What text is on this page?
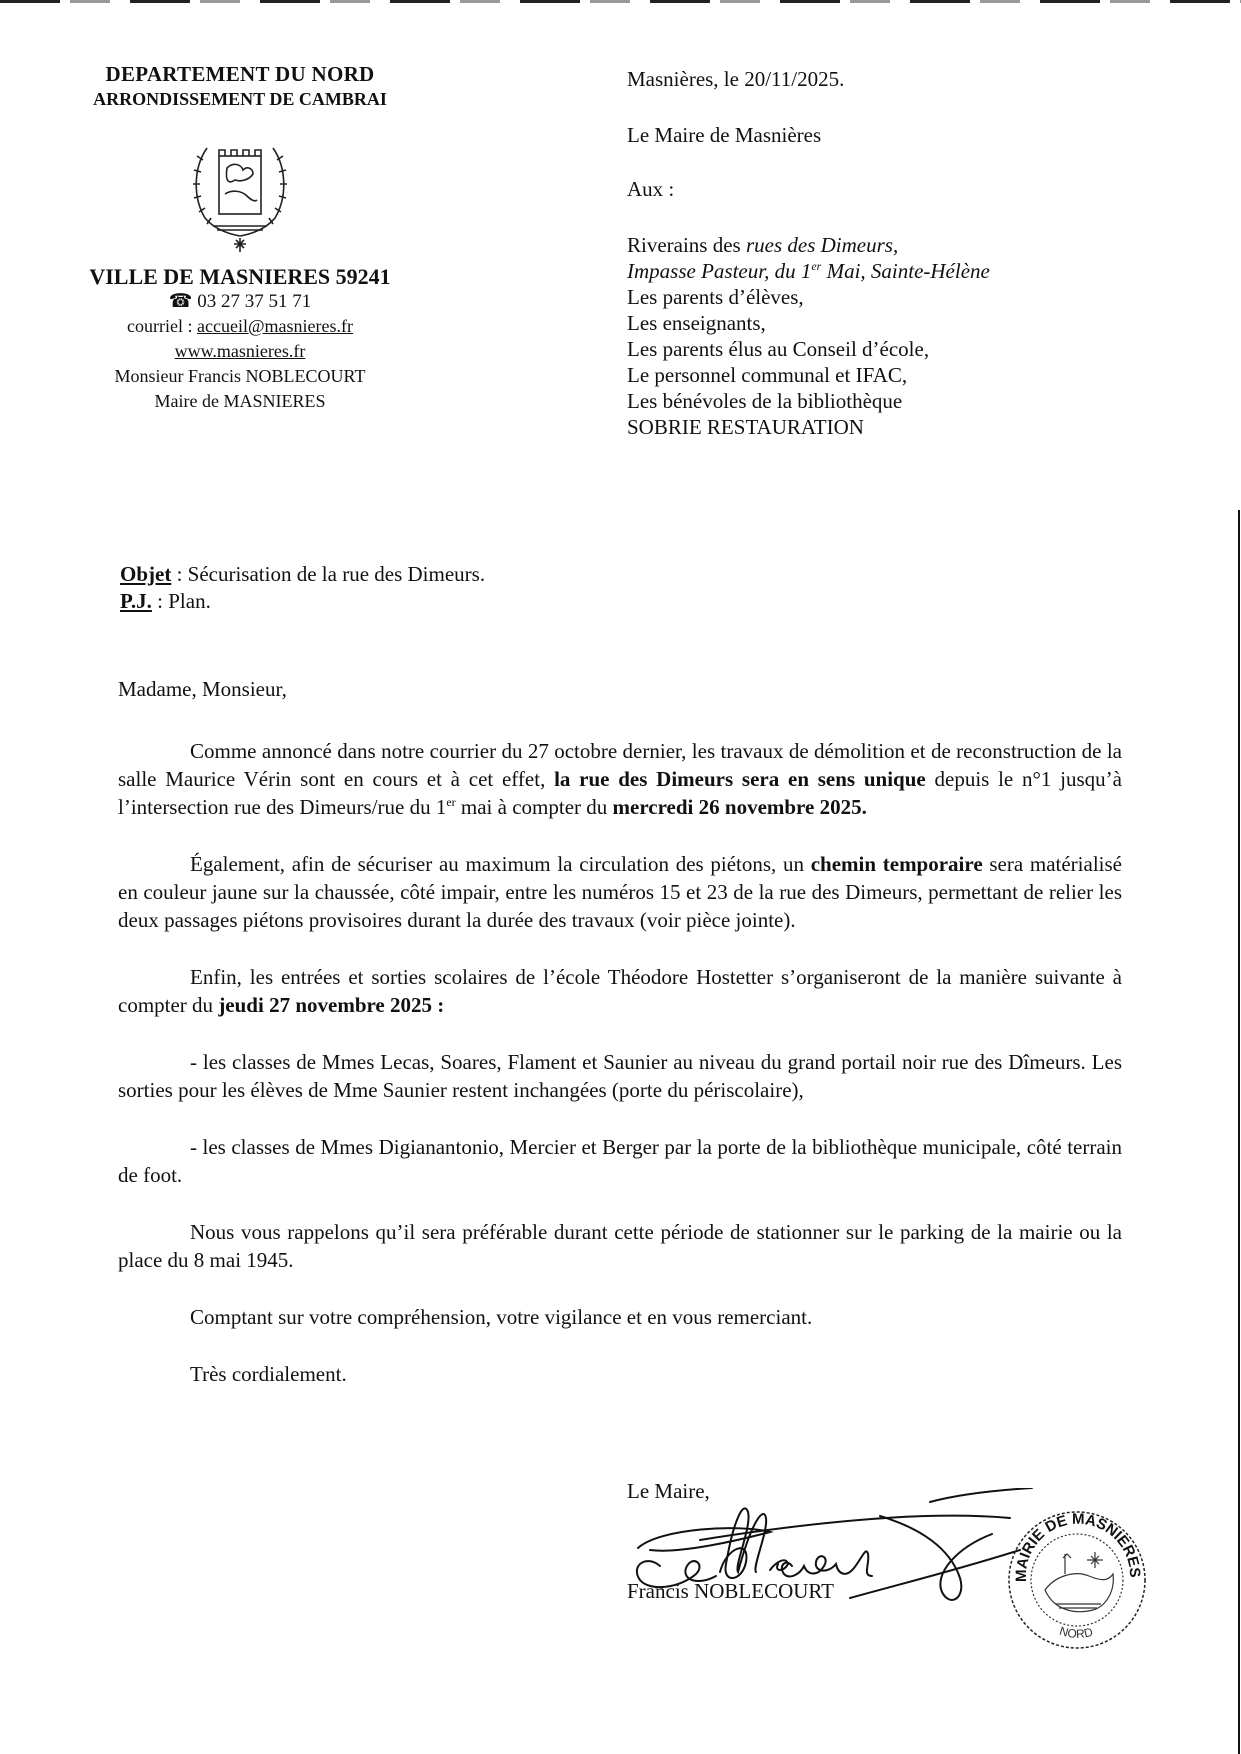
DEPARTEMENT DU NORD
ARRONDISSEMENT DE CAMBRAI
VILLE DE MASNIERES 59241
☎ 03 27 37 51 71
courriel : accueil@masnieres.fr
www.masnieres.fr
Monsieur Francis NOBLECOURT
Maire de MASNIERES
Masnières, le 20/11/2025.
Le Maire de Masnières
Aux :
Riverains des rues des Dimeurs,
Impasse Pasteur, du 1er Mai, Sainte-Hélène
Les parents d’élèves,
Les enseignants,
Les parents élus au Conseil d’école,
Le personnel communal et IFAC,
Les bénévoles de la bibliothèque
SOBRIE RESTAURATION
Objet : Sécurisation de la rue des Dimeurs.
P.J. : Plan.

Madame, Monsieur,

Comme annoncé dans notre courrier du 27 octobre dernier, les travaux de démolition et de reconstruction de la salle Maurice Vérin sont en cours et à cet effet, la rue des Dimeurs sera en sens unique depuis le n°1 jusqu’à l’intersection rue des Dimeurs/rue du 1er mai à compter du mercredi 26 novembre 2025.

Également, afin de sécuriser au maximum la circulation des piétons, un chemin temporaire sera matérialisé en couleur jaune sur la chaussée, côté impair, entre les numéros 15 et 23 de la rue des Dimeurs, permettant de relier les deux passages piétons provisoires durant la durée des travaux (voir pièce jointe).

Enfin, les entrées et sorties scolaires de l’école Théodore Hostetter s’organiseront de la manière suivante à compter du jeudi 27 novembre 2025 :

- les classes de Mmes Lecas, Soares, Flament et Saunier au niveau du grand portail noir rue des Dîmeurs. Les sorties pour les élèves de Mme Saunier restent inchangées (porte du périscolaire),

- les classes de Mmes Digianantonio, Mercier et Berger par la porte de la bibliothèque municipale, côté terrain de foot.

Nous vous rappelons qu’il sera préférable durant cette période de stationner sur le parking de la mairie ou la place du 8 mai 1945.

Comptant sur votre compréhension, votre vigilance et en vous remerciant.

Très cordialement.

Le Maire,
Francis NOBLECOURT
MAIRIE DE MASNIERES
NORD
